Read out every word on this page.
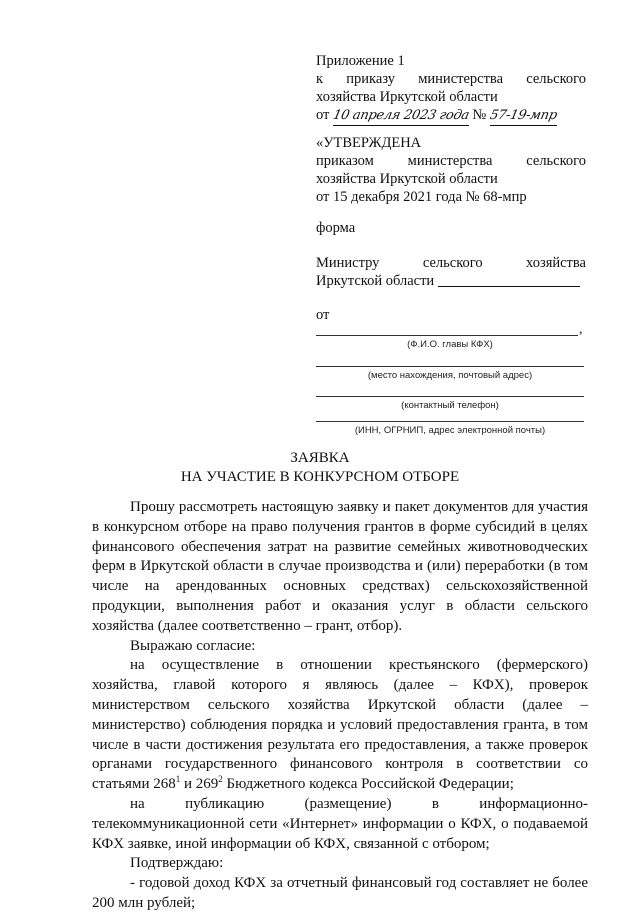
Приложение 1
к приказу министерства сельского
хозяйства Иркутской области
от 10 апреля 2023 года № 57-19-мпр
«УТВЕРЖДЕНА
приказом министерства сельского
хозяйства Иркутской области
от 15 декабря 2021 года № 68-мпр
форма
Министру сельского хозяйства
Иркутской области
от
,
(Ф.И.О. главы КФХ)
(место нахождения, почтовый адрес)
(контактный телефон)
(ИНН, ОГРНИП, адрес электронной почты)
ЗАЯВКА
НА УЧАСТИЕ В КОНКУРСНОМ ОТБОРЕ

Прошу рассмотреть настоящую заявку и пакет документов для участия
в конкурсном отборе на право получения грантов в форме субсидий в целях
финансового обеспечения затрат на развитие семейных животноводческих
ферм в Иркутской области в случае производства и (или) переработки (в том
числе на арендованных основных средствах) сельскохозяйственной
продукции, выполнения работ и оказания услуг в области сельского
хозяйства (далее соответственно – грант, отбор).

Выражаю согласие:

на осуществление в отношении крестьянского (фермерского)
хозяйства, главой которого я являюсь (далее – КФХ), проверок
министерством сельского хозяйства Иркутской области (далее –
министерство) соблюдения порядка и условий предоставления гранта, в том
числе в части достижения результата его предоставления, а также проверок
органами государственного финансового контроля в соответствии со

статьями $268^1$ и $269^2$ Бюджетного кодекса Российской Федерации;

на публикацию (размещение) в информационно-
телекоммуникационной сети «Интернет» информации о КФХ, о подаваемой
КФХ заявке, иной информации об КФХ, связанной с отбором;

Подтверждаю:

- годовой доход КФХ за отчетный финансовый год составляет не более
200 млн рублей;
